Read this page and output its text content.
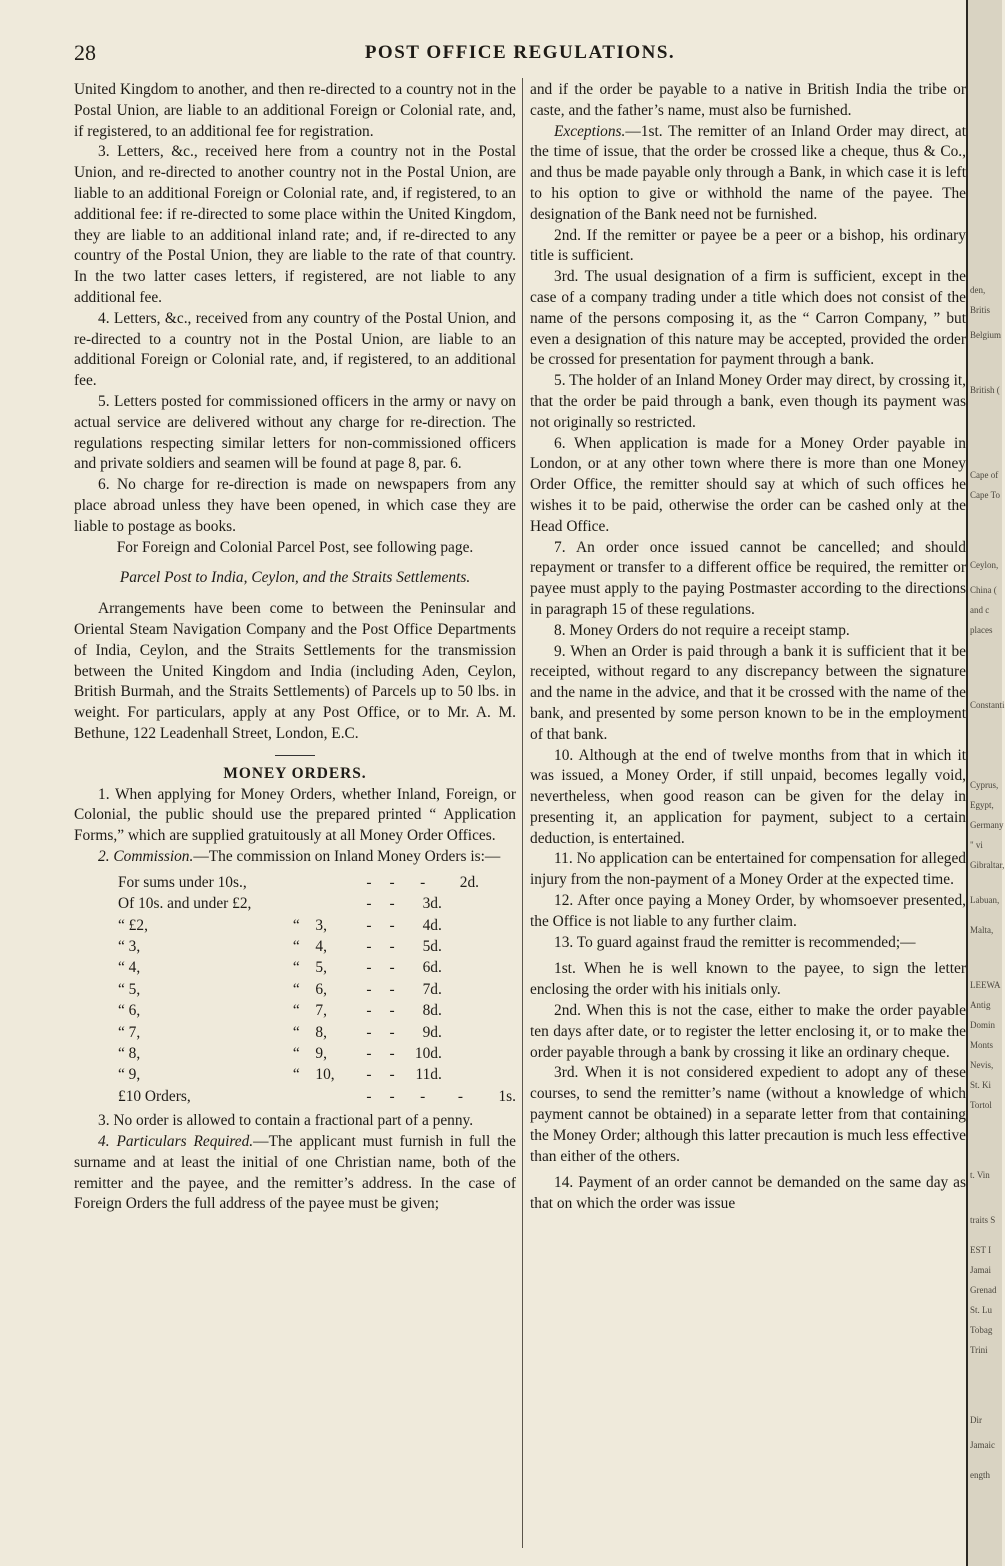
28	POST OFFICE REGULATIONS.

United Kingdom to another, and then re-directed to a country not in the Postal Union, are liable to an additional Foreign or Colonial rate, and, if registered, to an additional fee for registration.

3. Letters, &c., received here from a country not in the Postal Union, and re-directed to another country not in the Postal Union, are liable to an additional Foreign or Colonial rate, and, if registered, to an additional fee: if re-directed to some place within the United Kingdom, they are liable to an additional inland rate; and, if re-directed to any country of the Postal Union, they are liable to the rate of that country. In the two latter cases letters, if registered, are not liable to any additional fee.

4. Letters, &c., received from any country of the Postal Union, and re-directed to a country not in the Postal Union, are liable to an additional Foreign or Colonial rate, and, if registered, to an additional fee.

5. Letters posted for commissioned officers in the army or navy on actual service are delivered without any charge for re-direction. The regulations respecting similar letters for non-commissioned officers and private soldiers and seamen will be found at page 8, par. 6.

6. No charge for re-direction is made on newspapers from any place abroad unless they have been opened, in which case they are liable to postage as books.

For Foreign and Colonial Parcel Post, see following page.

Parcel Post to India, Ceylon, and the Straits Settlements.

Arrangements have been come to between the Peninsular and Oriental Steam Navigation Company and the Post Office Departments of India, Ceylon, and the Straits Settlements for the transmission between the United Kingdom and India (including Aden, Ceylon, British Burmah, and the Straits Settlements) of Parcels up to 50 lbs. in weight. For particulars, apply at any Post Office, or to Mr. A. M. Bethune, 122 Leadenhall Street, London, E.C.

MONEY ORDERS.

1. When applying for Money Orders, whether Inland, Foreign, or Colonial, the public should use the prepared printed “ Application Forms,” which are supplied gratuitously at all Money Order Offices.

2. Commission.—The commission on Inland Money Orders is:—

For sums under 10s.,			-	-	-	2d.	
Of 10s. and under £2,			-	-	3d.		
“ £2,	“	3,	-	-	4d.		
“ 3,	“	4,	-	-	5d.		
“ 4,	“	5,	-	-	6d.		
“ 5,	“	6,	-	-	7d.		
“ 6,	“	7,	-	-	8d.		
“ 7,	“	8,	-	-	9d.		
“ 8,	“	9,	-	-	10d.		
“ 9,	“	10,	-	-	11d.		
£10 Orders,			-	-	-	-	1s.

3. No order is allowed to contain a fractional part of a penny.

4. Particulars Required.—The applicant must furnish in full the surname and at least the initial of one Christian name, both of the remitter and the payee, and the remitter’s address. In the case of Foreign Orders the full address of the payee must be given;

and if the order be payable to a native in British India the tribe or caste, and the father’s name, must also be furnished.

Exceptions.—1st. The remitter of an Inland Order may direct, at the time of issue, that the order be crossed like a cheque, thus & Co., and thus be made payable only through a Bank, in which case it is left to his option to give or withhold the name of the payee. The designation of the Bank need not be furnished.

2nd. If the remitter or payee be a peer or a bishop, his ordinary title is sufficient.

3rd. The usual designation of a firm is sufficient, except in the case of a company trading under a title which does not consist of the name of the persons composing it, as the “ Carron Company, ” but even a designation of this nature may be accepted, provided the order be crossed for presentation for payment through a bank.

5. The holder of an Inland Money Order may direct, by crossing it, that the order be paid through a bank, even though its payment was not originally so restricted.

6. When application is made for a Money Order payable in London, or at any other town where there is more than one Money Order Office, the remitter should say at which of such offices he wishes it to be paid, otherwise the order can be cashed only at the Head Office.

7. An order once issued cannot be cancelled; and should repayment or transfer to a different office be required, the remitter or payee must apply to the paying Postmaster according to the directions in paragraph 15 of these regulations.

8. Money Orders do not require a receipt stamp.

9. When an Order is paid through a bank it is sufficient that it be receipted, without regard to any discrepancy between the signature and the name in the advice, and that it be crossed with the name of the bank, and presented by some person known to be in the employment of that bank.

10. Although at the end of twelve months from that in which it was issued, a Money Order, if still unpaid, becomes legally void, nevertheless, when good reason can be given for the delay in presenting it, an application for payment, subject to a certain deduction, is entertained.

11. No application can be entertained for compensation for alleged injury from the non-payment of a Money Order at the expected time.

12. After once paying a Money Order, by whomsoever presented, the Office is not liable to any further claim.

13. To guard against fraud the remitter is recommended;—

1st. When he is well known to the payee, to sign the letter enclosing the order with his initials only.

2nd. When this is not the case, either to make the order payable ten days after date, or to register the letter enclosing it, or to make the order payable through a bank by crossing it like an ordinary cheque.

3rd. When it is not considered expedient to adopt any of these courses, to send the remitter’s name (without a knowledge of which payment cannot be obtained) in a separate letter from that containing the Money Order; although this latter precaution is much less effective than either of the others.

14. Payment of an order cannot be demanded on the same day as that on which the order was issue

den,
Britis
Belgium
British (
Cape of
Cape To
Ceylon,
China (
and c
places
Constanti
Cyprus,
Egypt,
Germany
" vi
Gibraltar,
Labuan,
Malta,
LEEWA
Antig
Domin
Monts
Nevis,
St. Ki
Tortol
t. Vin
traits S
EST I
Jamai
Grenad
St. Lu
Tobag
Trini
Dir
Jamaic
ength
